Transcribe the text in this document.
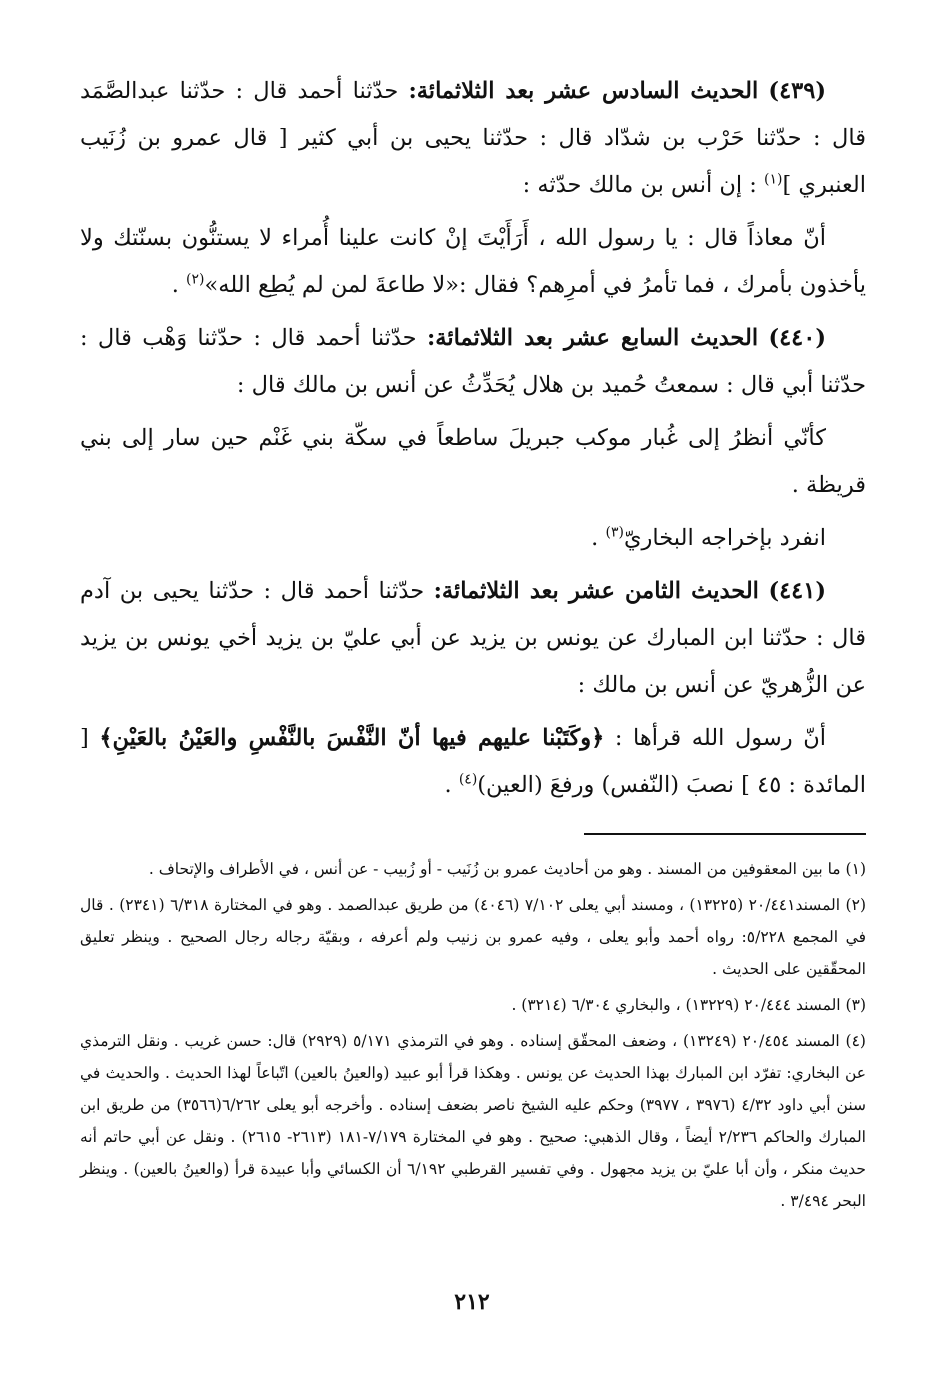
(٤٣٩) الحديث السادس عشر بعد الثلاثمائة: حدّثنا أحمد قال : حدّثنا عبدالصَّمَد قال : حدّثنا حَرْب بن شدّاد قال : حدّثنا يحيى بن أبي كثير [ قال عمرو بن زُنَيب العنبري ]$^{(١)}$ : إن أنس بن مالك حدّثه :

أنّ معاذاً قال : يا رسول الله ، أَرَأَيْتَ إنْ كانت علينا أُمراء لا يستنُّون بسنّتك ولا يأخذون بأمرك ، فما تأمرُ في أمرِهم؟ فقال :«لا طاعةَ لمن لم يُطِع الله»$^{(٢)}$ .

(٤٤٠) الحديث السابع عشر بعد الثلاثمائة: حدّثنا أحمد قال : حدّثنا وَهْب قال : حدّثنا أبي قال : سمعتُ حُميد بن هلال يُحَدِّثُ عن أنس بن مالك قال :

كأنّي أنظرُ إلى غُبار موكب جبريلَ ساطعاً في سكّة بني غَنْم حين سار إلى بني قريظة .

انفرد بإخراجه البخاريّ$^{(٣)}$ .

(٤٤١) الحديث الثامن عشر بعد الثلاثمائة: حدّثنا أحمد قال : حدّثنا يحيى بن آدم قال : حدّثنا ابن المبارك عن يونس بن يزيد عن أبي عليّ بن يزيد أخي يونس بن يزيد عن الزُّهريّ عن أنس بن مالك :

أنّ رسول الله قرأها : ﴿وكَتَبْنا عليهم فيها أنّ النَّفْسَ بالنَّفْسِ والعَيْنُ بالعَيْنِ﴾ [ المائدة : ٤٥ ] نصبَ (النّفس) ورفعَ (العين)$^{(٤)}$ .

(١) ما بين المعقوفين من المسند . وهو من أحاديث عمرو بن زُنَيب - أو زُبيب - عن أنس ، في الأطراف والإتحاف .

(٢) المسند٢٠/٤٤١ (١٣٢٢٥) ، ومسند أبي يعلى ٧/١٠٢ (٤٠٤٦) من طريق عبدالصمد . وهو في المختارة ٦/٣١٨ (٢٣٤١) . قال في المجمع ٥/٢٢٨: رواه أحمد وأبو يعلى ، وفيه عمرو بن زنيب ولم أعرفه ، وبقيّة رجاله رجال الصحيح . وينظر تعليق المحقّقين على الحديث .

(٣) المسند ٢٠/٤٤٤ (١٣٢٢٩) ، والبخاري ٦/٣٠٤ (٣٢١٤) .

(٤) المسند ٢٠/٤٥٤ (١٣٢٤٩) ، وضعف المحقّق إسناده . وهو في الترمذي ٥/١٧١ (٢٩٢٩) قال: حسن غريب . ونقل الترمذي عن البخاري: تفرّد ابن المبارك بهذا الحديث عن يونس . وهكذا قرأ أبو عبيد (والعينُ بالعين) اتّباعاً لهذا الحديث . والحديث في سنن أبي داود ٤/٣٢ (٣٩٧٦ ، ٣٩٧٧) وحكم عليه الشيخ ناصر بضعف إسناده . وأخرجه أبو يعلى ٦/٢٦٢(٣٥٦٦) من طريق ابن المبارك والحاكم ٢/٢٣٦ أيضاً ، وقال الذهبي: صحيح . وهو في المختارة ٧/١٧٩-١٨١ (٢٦١٣- ٢٦١٥) . ونقل عن أبي حاتم أنه حديث منكر ، وأن أبا عليّ بن يزيد مجهول . وفي تفسير القرطبي ٦/١٩٢ أن الكسائي وأبا عبيدة قرأ (والعينُ بالعين) . وينظر البحر ٣/٤٩٤ .

٢١٢
